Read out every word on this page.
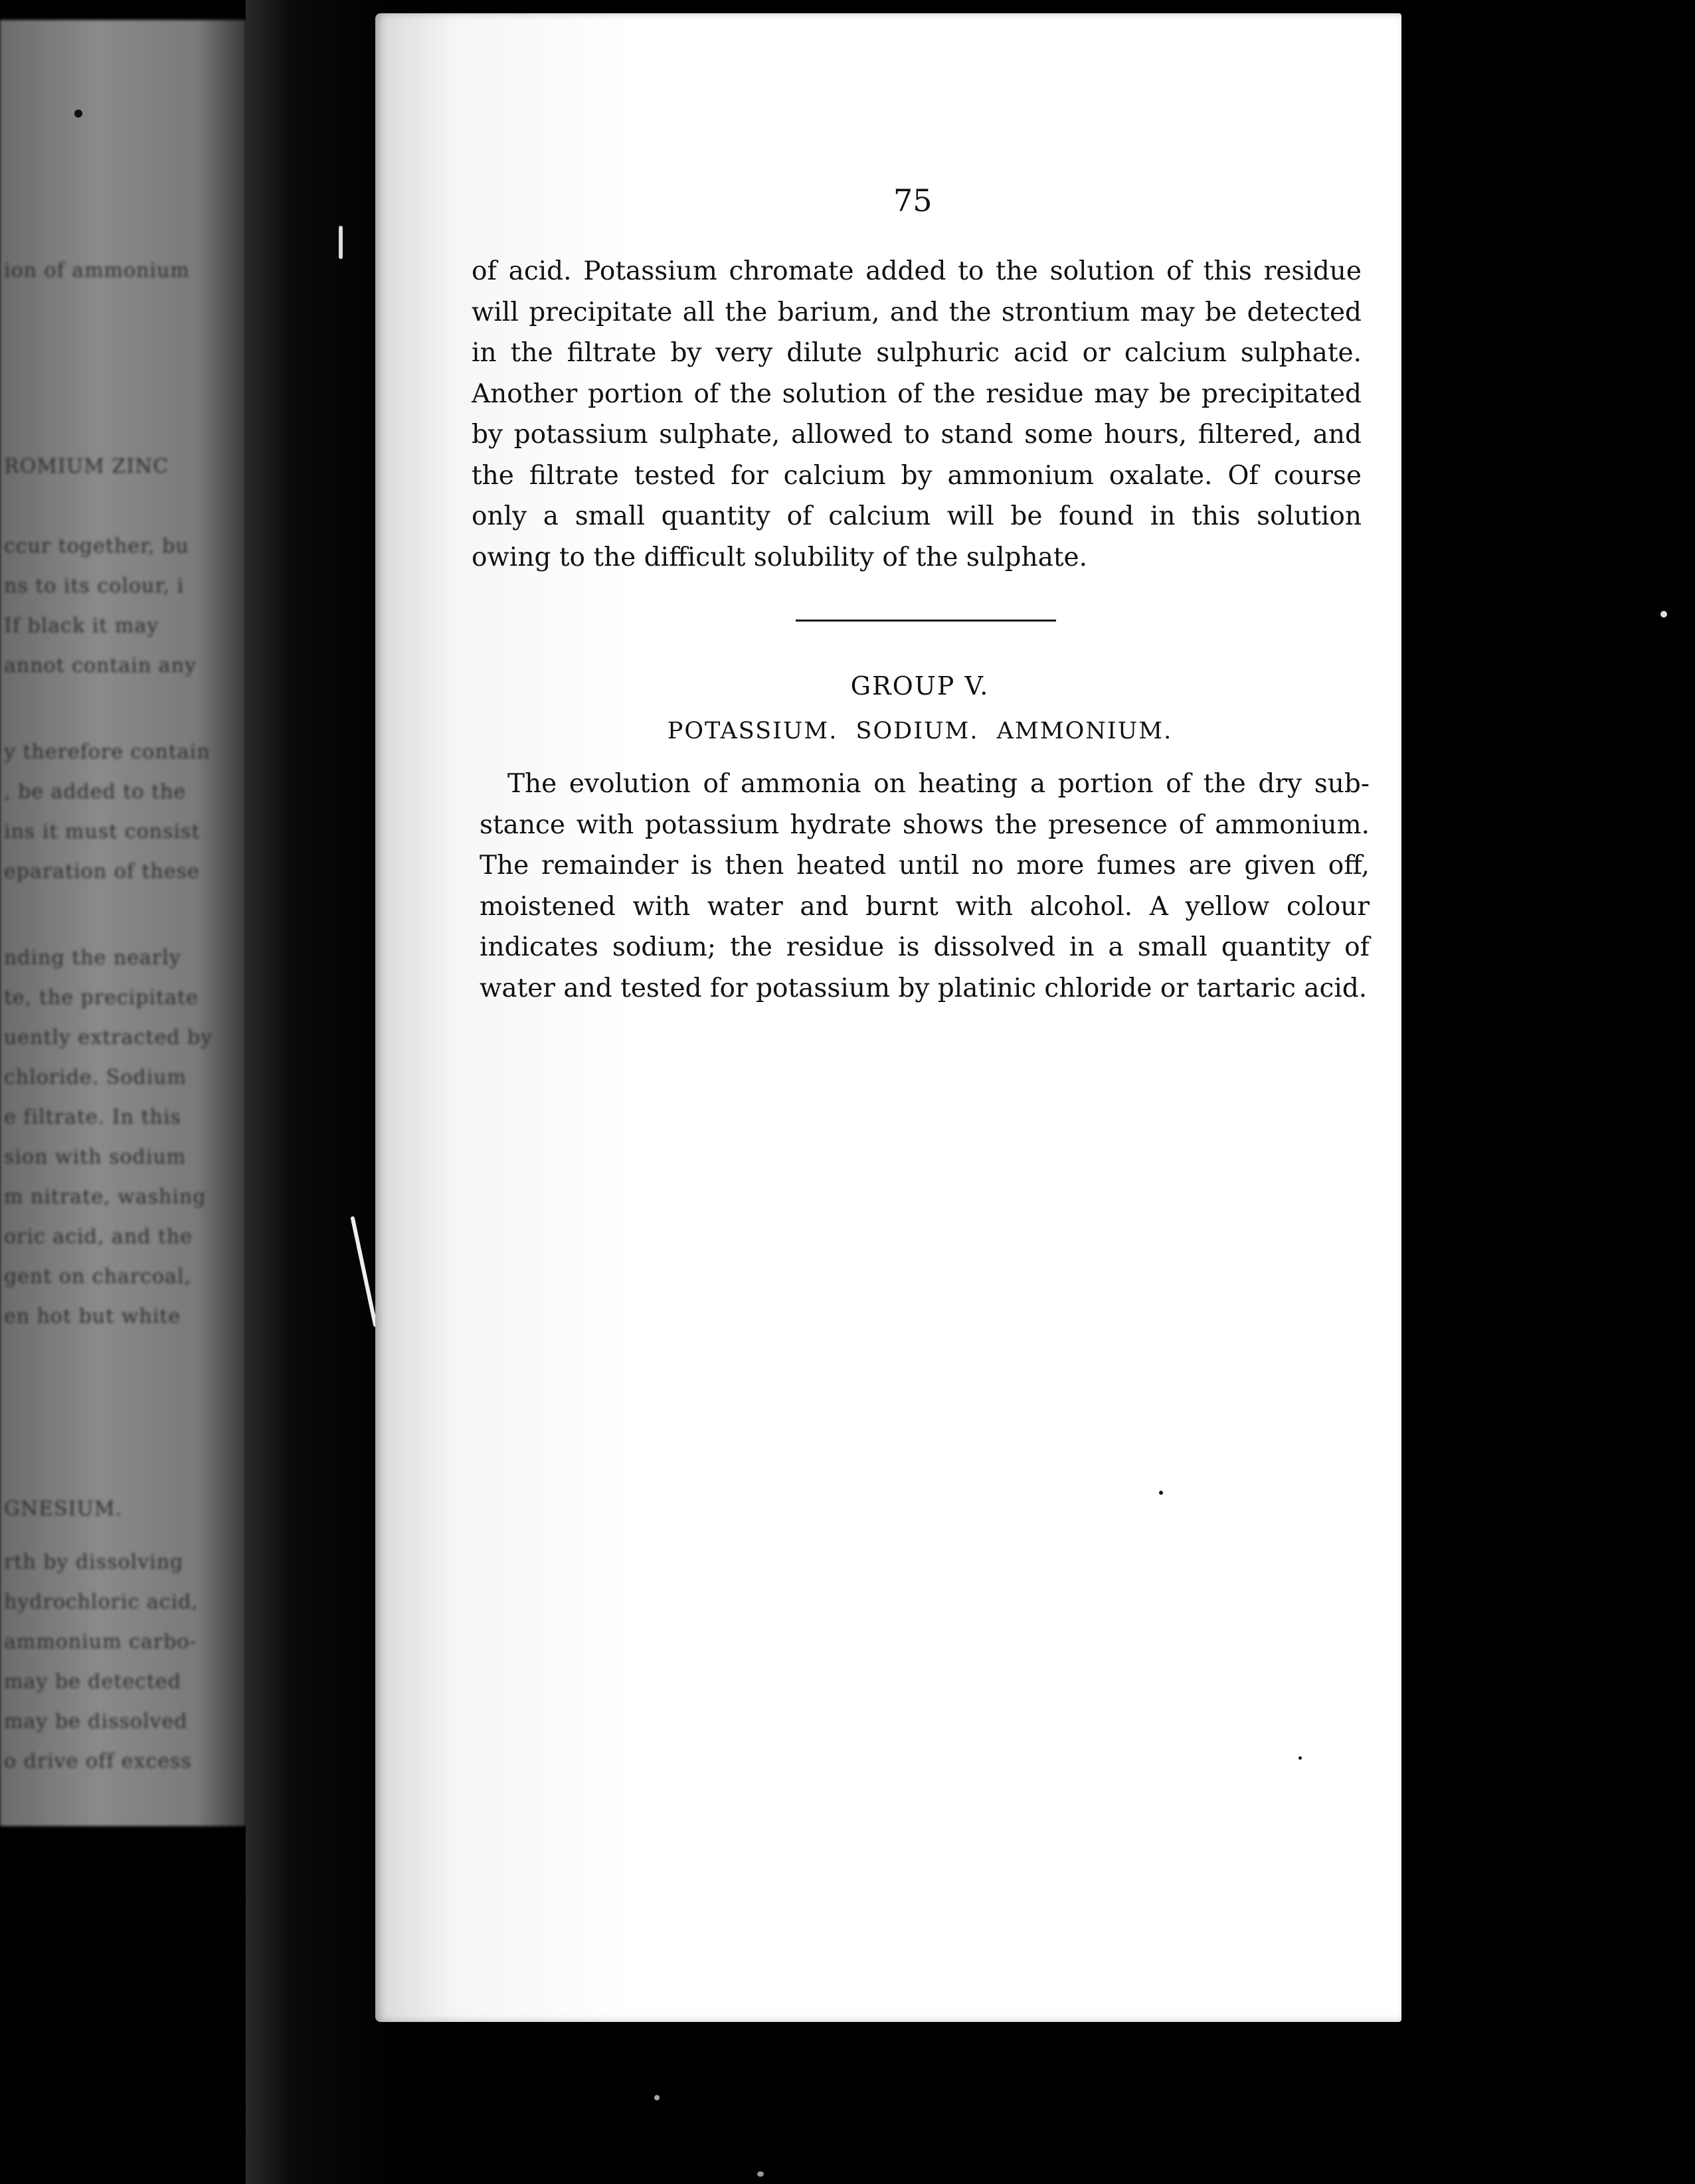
ion of ammonium
ROMIUM ZINC
ccur together, bu
ns to its colour, i
If black it may
annot contain any
y therefore contain
, be added to the
ins it must consist
eparation of these
nding the nearly
te, the precipitate
uently extracted by
chloride. Sodium
e filtrate. In this
sion with sodium
m nitrate, washing
oric acid, and the
gent on charcoal,
en hot but white
GNESIUM.
rth by dissolving
hydrochloric acid,
ammonium carbo-
may be detected
may be dissolved
o drive off excess
75
of acid. Potassium chromate added to the solution of this residue
will precipitate all the barium, and the strontium may be detected
in the filtrate by very dilute sulphuric acid or calcium sulphate.
Another portion of the solution of the residue may be precipitated
by potassium sulphate, allowed to stand some hours, filtered, and
the filtrate tested for calcium by ammonium oxalate. Of course
only a small quantity of calcium will be found in this solution
owing to the difficult solubility of the sulphate.
GROUP V.
POTASSIUM. SODIUM. AMMONIUM.
The evolution of ammonia on heating a portion of the dry sub-
stance with potassium hydrate shows the presence of ammonium.
The remainder is then heated until no more fumes are given off,
moistened with water and burnt with alcohol. A yellow colour
indicates sodium; the residue is dissolved in a small quantity of
water and tested for potassium by platinic chloride or tartaric acid.
